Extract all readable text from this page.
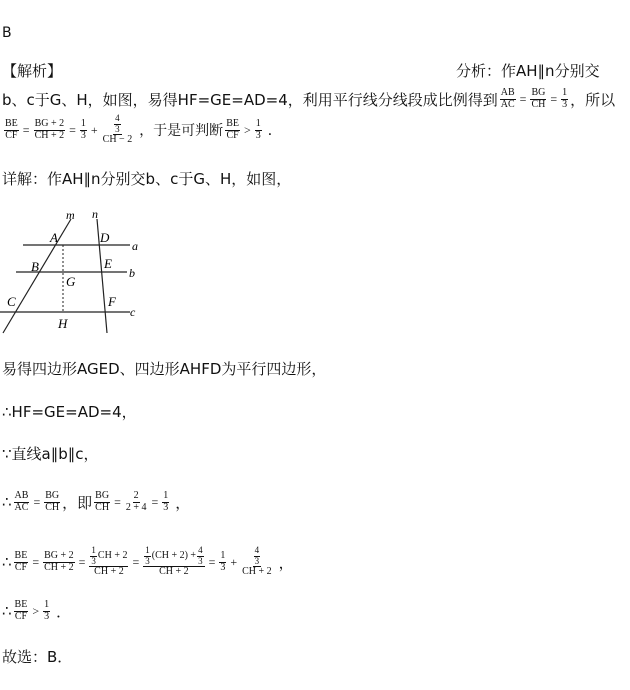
B
【解析】	分析：作AH∥n分别交
b、c于G、H，如图，易得HF=GE=AD=4，利用平行线分线段成比例得到 $\frac{AB}{AC} = \frac{BG}{CH} = \frac{1}{3}$ ，所以
$\frac{BE}{CF} = \frac{BG + 2}{CH + 2} = \frac{1}{3} + \frac{\frac{4}{3}}{CH - 2}$ ，于是可判断 $\frac{BE}{CF} > \frac{1}{3}$ ．
详解：作AH∥n分别交b、c于G、H，如图，
m n
a
b
c
A	D
B	E
G
C	F
H
易得四边形AGED、四边形AHFD为平行四边形，
∴HF=GE=AD=4，
∵直线a∥b∥c，
∴ $\frac{AB}{AC} = \frac{BG}{CH}$ ，即 $\frac{BG}{CH} = \frac{2}{2 + 4} = \frac{1}{3}$ ，
∴ $\frac{BE}{CF} = \frac{BG + 2}{CH + 2} = \frac{\frac{1}{3} CH + 2}{CH + 2} = \frac{\frac{1}{3} (CH + 2) + \frac{4}{3}}{CH + 2} = \frac{1}{3} + \frac{\frac{4}{3}}{CH + 2}$ ，
∴ $\frac{BE}{CF} > \frac{1}{3}$ ．
故选：B．
